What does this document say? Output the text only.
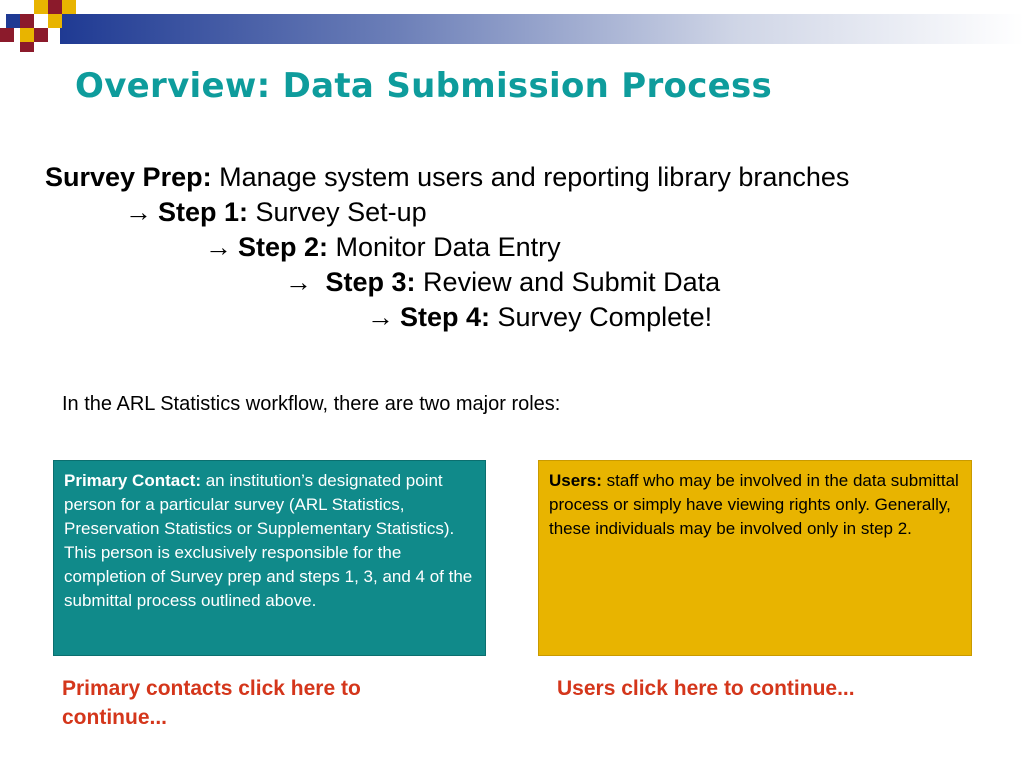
Overview: Data Submission Process
Survey Prep: Manage system users and reporting library branches
→ Step 1: Survey Set-up
→ Step 2: Monitor Data Entry
→ Step 3: Review and Submit Data
→ Step 4: Survey Complete!
In the ARL Statistics workflow, there are two major roles:
Primary Contact: an institution’s designated point person for a particular survey (ARL Statistics, Preservation Statistics or Supplementary Statistics). This person is exclusively responsible for the completion of Survey prep and steps 1, 3, and 4 of the submittal process outlined above.
Users: staff who may be involved in the data submittal process or simply have viewing rights only. Generally, these individuals may be involved only in step 2.
Primary contacts click here to continue...
Users click here to continue...
